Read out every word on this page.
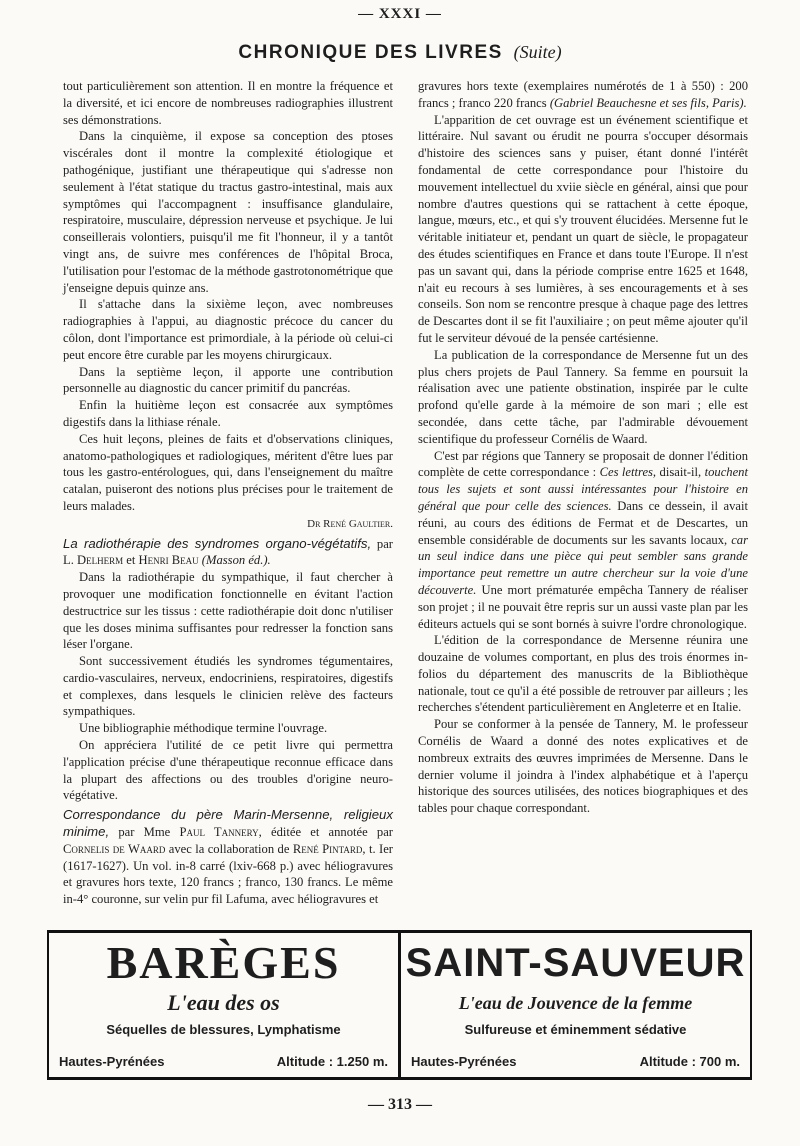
— XXXI —
CHRONIQUE DES LIVRES (Suite)

tout particulièrement son attention. Il en montre la fréquence et la diversité, et ici encore de nombreuses radiographies illustrent ses démonstrations.

Dans la cinquième, il expose sa conception des ptoses viscérales dont il montre la complexité étiologique et pathogénique, justifiant une thérapeutique qui s'adresse non seulement à l'état statique du tractus gastro-intestinal, mais aux symptômes qui l'accompagnent : insuffisance glandulaire, respiratoire, musculaire, dépression nerveuse et psychique. Je lui conseillerais volontiers, puisqu'il me fit l'honneur, il y a tantôt vingt ans, de suivre mes conférences de l'hôpital Broca, l'utilisation pour l'estomac de la méthode gastrotonométrique que j'enseigne depuis quinze ans.

Il s'attache dans la sixième leçon, avec nombreuses radiographies à l'appui, au diagnostic précoce du cancer du côlon, dont l'importance est primordiale, à la période où celui-ci peut encore être curable par les moyens chirurgicaux.

Dans la septième leçon, il apporte une contribution personnelle au diagnostic du cancer primitif du pancréas.

Enfin la huitième leçon est consacrée aux symptômes digestifs dans la lithiase rénale.

Ces huit leçons, pleines de faits et d'observations cliniques, anatomo-pathologiques et radiologiques, méritent d'être lues par tous les gastro-entérologues, qui, dans l'enseignement du maître catalan, puiseront des notions plus précises pour le traitement de leurs malades.

Dr René Gaultier.

La radiothérapie des syndromes organo-végétatifs, par L. Delherm et Henri Beau (Masson éd.).

Dans la radiothérapie du sympathique, il faut chercher à provoquer une modification fonctionnelle en évitant l'action destructrice sur les tissus : cette radiothérapie doit donc n'utiliser que les doses minima suffisantes pour redresser la fonction sans léser l'organe.

Sont successivement étudiés les syndromes tégumentaires, cardio-vasculaires, nerveux, endocriniens, respiratoires, digestifs et complexes, dans lesquels le clinicien relève des facteurs sympathiques.

Une bibliographie méthodique termine l'ouvrage.

On appréciera l'utilité de ce petit livre qui permettra l'application précise d'une thérapeutique reconnue efficace dans la plupart des affections ou des troubles d'origine neuro-végétative.

Correspondance du père Marin-Mersenne, religieux minime, par Mme Paul Tannery, éditée et annotée par Cornelis de Waard avec la collaboration de René Pintard, t. Ier (1617-1627). Un vol. in-8 carré (lxiv-668 p.) avec héliogravures et gravures hors texte, 120 francs ; franco, 130 francs. Le même in-4° couronne, sur velin pur fil Lafuma, avec héliogravures et

gravures hors texte (exemplaires numérotés de 1 à 550) : 200 francs ; franco 220 francs (Gabriel Beauchesne et ses fils, Paris).

L'apparition de cet ouvrage est un événement scientifique et littéraire. Nul savant ou érudit ne pourra s'occuper désormais d'histoire des sciences sans y puiser, étant donné l'intérêt fondamental de cette correspondance pour l'histoire du mouvement intellectuel du xviie siècle en général, ainsi que pour nombre d'autres questions qui se rattachent à cette époque, langue, mœurs, etc., et qui s'y trouvent élucidées. Mersenne fut le véritable initiateur et, pendant un quart de siècle, le propagateur des études scientifiques en France et dans toute l'Europe. Il n'est pas un savant qui, dans la période comprise entre 1625 et 1648, n'ait eu recours à ses lumières, à ses encouragements et à ses conseils. Son nom se rencontre presque à chaque page des lettres de Descartes dont il se fit l'auxiliaire ; on peut même ajouter qu'il fut le serviteur dévoué de la pensée cartésienne.

La publication de la correspondance de Mersenne fut un des plus chers projets de Paul Tannery. Sa femme en poursuit la réalisation avec une patiente obstination, inspirée par le culte profond qu'elle garde à la mémoire de son mari ; elle est secondée, dans cette tâche, par l'admirable dévouement scientifique du professeur Cornélis de Waard.

C'est par régions que Tannery se proposait de donner l'édition complète de cette correspondance : Ces lettres, disait-il, touchent tous les sujets et sont aussi intéressantes pour l'histoire en général que pour celle des sciences. Dans ce dessein, il avait réuni, au cours des éditions de Fermat et de Descartes, un ensemble considérable de documents sur les savants locaux, car un seul indice dans une pièce qui peut sembler sans grande importance peut remettre un autre chercheur sur la voie d'une découverte. Une mort prématurée empêcha Tannery de réaliser son projet ; il ne pouvait être repris sur un aussi vaste plan par les éditeurs actuels qui se sont bornés à suivre l'ordre chronologique.

L'édition de la correspondance de Mersenne réunira une douzaine de volumes comportant, en plus des trois énormes in-folios du département des manuscrits de la Bibliothèque nationale, tout ce qu'il a été possible de retrouver par ailleurs ; les recherches s'étendent particulièrement en Angleterre et en Italie.

Pour se conformer à la pensée de Tannery, M. le professeur Cornélis de Waard a donné des notes explicatives et de nombreux extraits des œuvres imprimées de Mersenne. Dans le dernier volume il joindra à l'index alphabétique et à l'aperçu historique des sources utilisées, des notices biographiques et des tables pour chaque correspondant.

BARÈGES
L'eau des os
Séquelles de blessures, Lymphatisme
Hautes-Pyrénées	Altitude : 1.250 m.
SAINT-SAUVEUR
L'eau de Jouvence de la femme
Sulfureuse et éminemment sédative
Hautes-Pyrénées	Altitude : 700 m.
— 313 —
